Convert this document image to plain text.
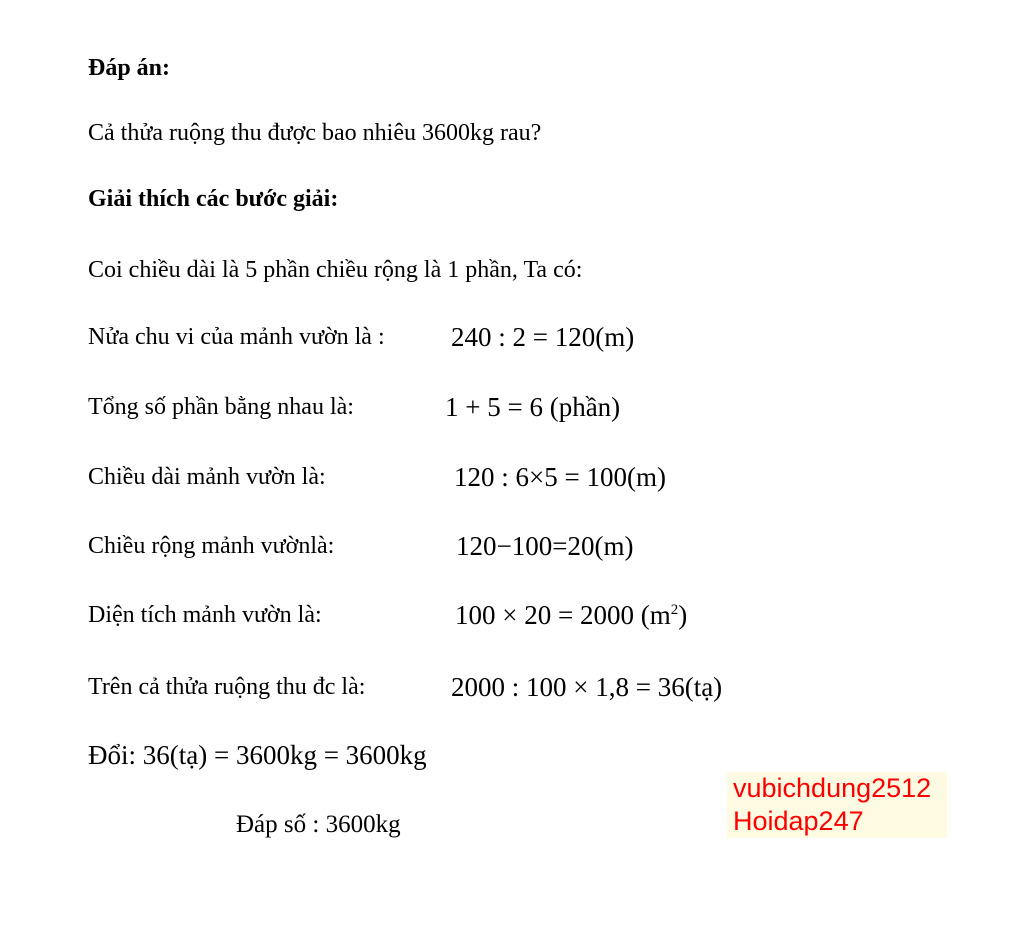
Đáp án:
Cả thửa ruộng thu được bao nhiêu 3600kg rau?
Giải thích các bước giải:
Coi chiều dài là 5 phần chiều rộng là 1 phần, Ta có:
Nửa chu vi của mảnh vườn là : 240 : 2 = 120(m)
Tổng số phần bằng nhau là:	1 + 5 = 6 (phần)
Chiều dài mảnh vườn là:	120 : 6×5 = 100(m)
Chiều rộng mảnh vườnlà:	120−100=20(m)
Diện tích mảnh vườn là:	100 × 20 = 2000 $(m^2)$
Trên cả thửa ruộng thu đc là:	2000 : 100 × 1,8 = 36(tạ)
Đổi: 36(tạ) = 3600kg = 3600kg
Đáp số : 3600kg
vubichdung2512
Hoidap247
